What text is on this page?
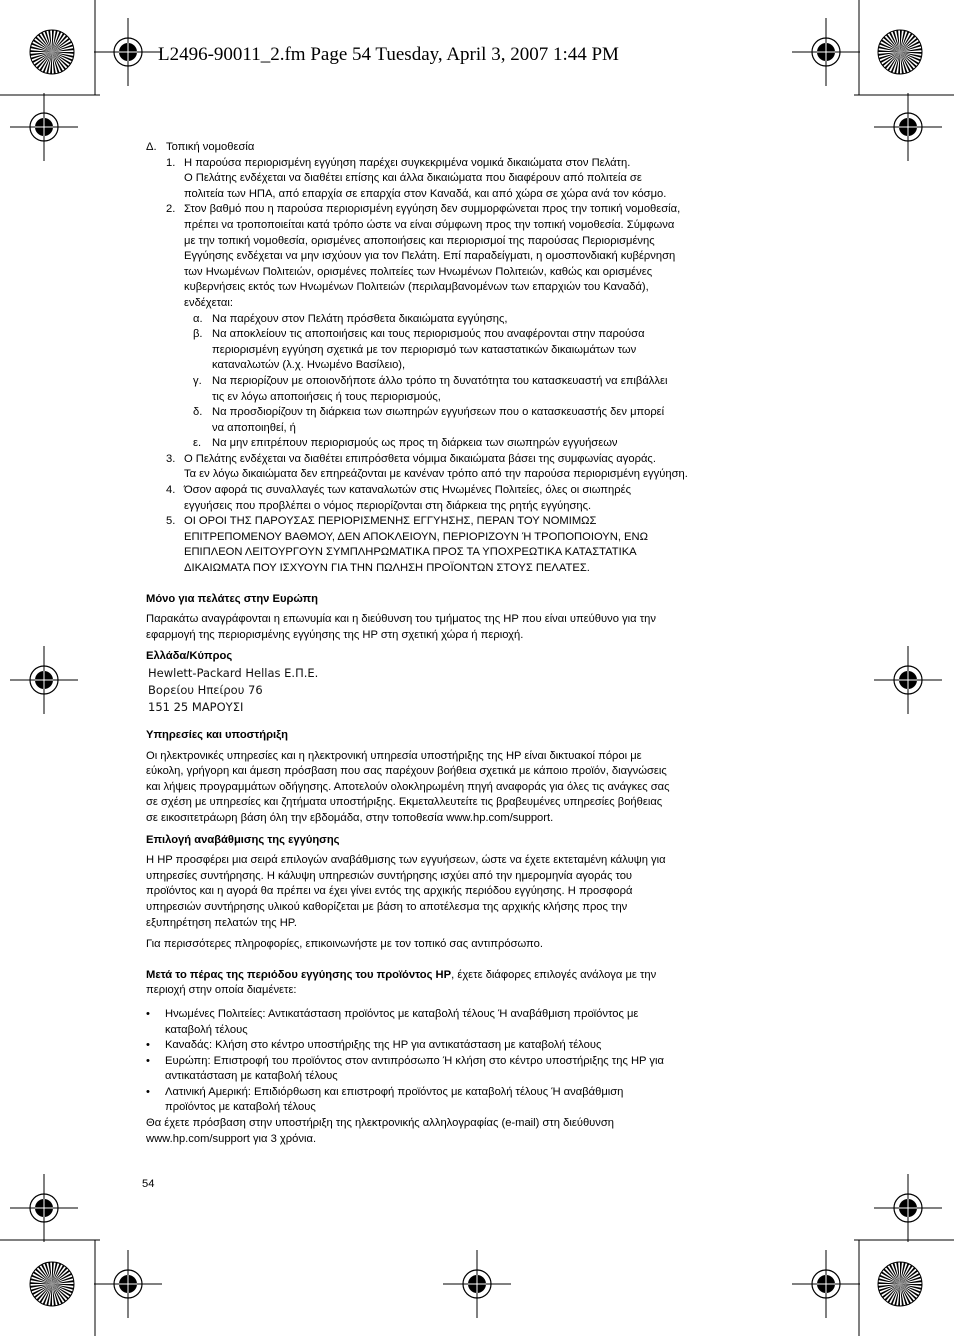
L2496-90011_2.fm Page 54 Tuesday, April 3, 2007 1:44 PM
Δ. Τοπική νομοθεσία
1. Η παρούσα περιορισμένη εγγύηση παρέχει συγκεκριμένα νομικά δικαιώματα στον Πελάτη.
Ο Πελάτης ενδέχεται να διαθέτει επίσης και άλλα δικαιώματα που διαφέρουν από πολιτεία σε
πολιτεία των ΗΠΑ, από επαρχία σε επαρχία στον Καναδά, και από χώρα σε χώρα ανά τον κόσμο.
2. Στον βαθμό που η παρούσα περιορισμένη εγγύηση δεν συμμορφώνεται προς την τοπική νομοθεσία,
πρέπει να τροποποιείται κατά τρόπο ώστε να είναι σύμφωνη προς την τοπική νομοθεσία. Σύμφωνα
με την τοπική νομοθεσία, ορισμένες αποποιήσεις και περιορισμοί της παρούσας Περιορισμένης
Εγγύησης ενδέχεται να μην ισχύουν για τον Πελάτη. Επί παραδείγματι, η ομοσπονδιακή κυβέρνηση
των Ηνωμένων Πολιτειών, ορισμένες πολιτείες των Ηνωμένων Πολιτειών, καθώς και ορισμένες
κυβερνήσεις εκτός των Ηνωμένων Πολιτειών (περιλαμβανομένων των επαρχιών του Καναδά),
ενδέχεται:
α. Να παρέχουν στον Πελάτη πρόσθετα δικαιώματα εγγύησης,
β. Να αποκλείουν τις αποποιήσεις και τους περιορισμούς που αναφέρονται στην παρούσα
περιορισμένη εγγύηση σχετικά με τον περιορισμό των καταστατικών δικαιωμάτων των
καταναλωτών (λ.χ. Ηνωμένο Βασίλειο),
γ. Να περιορίζουν με οποιονδήποτε άλλο τρόπο τη δυνατότητα του κατασκευαστή να επιβάλλει
τις εν λόγω αποποιήσεις ή τους περιορισμούς,
δ. Να προσδιορίζουν τη διάρκεια των σιωπηρών εγγυήσεων που ο κατασκευαστής δεν μπορεί
να αποποιηθεί, ή
ε. Να μην επιτρέπουν περιορισμούς ως προς τη διάρκεια των σιωπηρών εγγυήσεων
3. Ο Πελάτης ενδέχεται να διαθέτει επιπρόσθετα νόμιμα δικαιώματα βάσει της συμφωνίας αγοράς.
Τα εν λόγω δικαιώματα δεν επηρεάζονται με κανέναν τρόπο από την παρούσα περιορισμένη εγγύηση.
4. Όσον αφορά τις συναλλαγές των καταναλωτών στις Ηνωμένες Πολιτείες, όλες οι σιωπηρές
εγγυήσεις που προβλέπει ο νόμος περιορίζονται στη διάρκεια της ρητής εγγύησης.
5. ΟΙ ΟΡΟΙ ΤΗΣ ΠΑΡΟΥΣΑΣ ΠΕΡΙΟΡΙΣΜΕΝΗΣ ΕΓΓΥΗΣΗΣ, ΠΕΡΑΝ ΤΟΥ ΝΟΜΙΜΩΣ
ΕΠΙΤΡΕΠΟΜΕΝΟΥ ΒΑΘΜΟΥ, ΔΕΝ ΑΠΟΚΛΕΙΟΥΝ, ΠΕΡΙΟΡΙΖΟΥΝ Ή ΤΡΟΠΟΠΟΙΟΥΝ, ΕΝΩ
ΕΠΙΠΛΕΟΝ ΛΕΙΤΟΥΡΓΟΥΝ ΣΥΜΠΛΗΡΩΜΑΤΙΚΑ ΠΡΟΣ ΤΑ ΥΠΟΧΡΕΩΤΙΚΑ ΚΑΤΑΣΤΑΤΙΚΑ
ΔΙΚΑΙΩΜΑΤΑ ΠΟΥ ΙΣΧΥΟΥΝ ΓΙΑ ΤΗΝ ΠΩΛΗΣΗ ΠΡΟΪΟΝΤΩΝ ΣΤΟΥΣ ΠΕΛΑΤΕΣ.

Μόνο για πελάτες στην Ευρώπη

Παρακάτω αναγράφονται η επωνυμία και η διεύθυνση του τμήματος της HP που είναι υπεύθυνο για την
εφαρμογή της περιορισμένης εγγύησης της HP στη σχετική χώρα ή περιοχή.

Ελλάδα/Κύπρος

Hewlett-Packard Hellas E.Π.Ε.
Βορείου Ηπείρου 76
151 25 ΜΑΡΟΥΣΙ

Υπηρεσίες και υποστήριξη

Οι ηλεκτρονικές υπηρεσίες και η ηλεκτρονική υπηρεσία υποστήριξης της HP είναι δικτυακοί πόροι με
εύκολη, γρήγορη και άμεση πρόσβαση που σας παρέχουν βοήθεια σχετικά με κάποιο προϊόν, διαγνώσεις
και λήψεις προγραμμάτων οδήγησης. Αποτελούν ολοκληρωμένη πηγή αναφοράς για όλες τις ανάγκες σας
σε σχέση με υπηρεσίες και ζητήματα υποστήριξης. Εκμεταλλευτείτε τις βραβευμένες υπηρεσίες βοήθειας
σε εικοσιτετράωρη βάση όλη την εβδομάδα, στην τοποθεσία www.hp.com/support.

Επιλογή αναβάθμισης της εγγύησης

Η HP προσφέρει μια σειρά επιλογών αναβάθμισης των εγγυήσεων, ώστε να έχετε εκτεταμένη κάλυψη για
υπηρεσίες συντήρησης. Η κάλυψη υπηρεσιών συντήρησης ισχύει από την ημερομηνία αγοράς του
προϊόντος και η αγορά θα πρέπει να έχει γίνει εντός της αρχικής περιόδου εγγύησης. Η προσφορά
υπηρεσιών συντήρησης υλικού καθορίζεται με βάση το αποτέλεσμα της αρχικής κλήσης προς την
εξυπηρέτηση πελατών της HP.

Για περισσότερες πληροφορίες, επικοινωνήστε με τον τοπικό σας αντιπρόσωπο.

Μετά το πέρας της περιόδου εγγύησης του προϊόντος HP, έχετε διάφορες επιλογές ανάλογα με την

περιοχή στην οποία διαμένετε:

•	Ηνωμένες Πολιτείες: Αντικατάσταση προϊόντος με καταβολή τέλους Ή αναβάθμιση προϊόντος με
καταβολή τέλους
•	Καναδάς: Κλήση στο κέντρο υποστήριξης της HP για αντικατάσταση με καταβολή τέλους
•	Ευρώπη: Επιστροφή του προϊόντος στον αντιπρόσωπο Ή κλήση στο κέντρο υποστήριξης της HP για
αντικατάσταση με καταβολή τέλους
•	Λατινική Αμερική: Επιδιόρθωση και επιστροφή προϊόντος με καταβολή τέλους Ή αναβάθμιση
προϊόντος με καταβολή τέλους
Θα έχετε πρόσβαση στην υποστήριξη της ηλεκτρονικής αλληλογραφίας (e-mail) στη διεύθυνση
www.hp.com/support για 3 χρόνια.
54
